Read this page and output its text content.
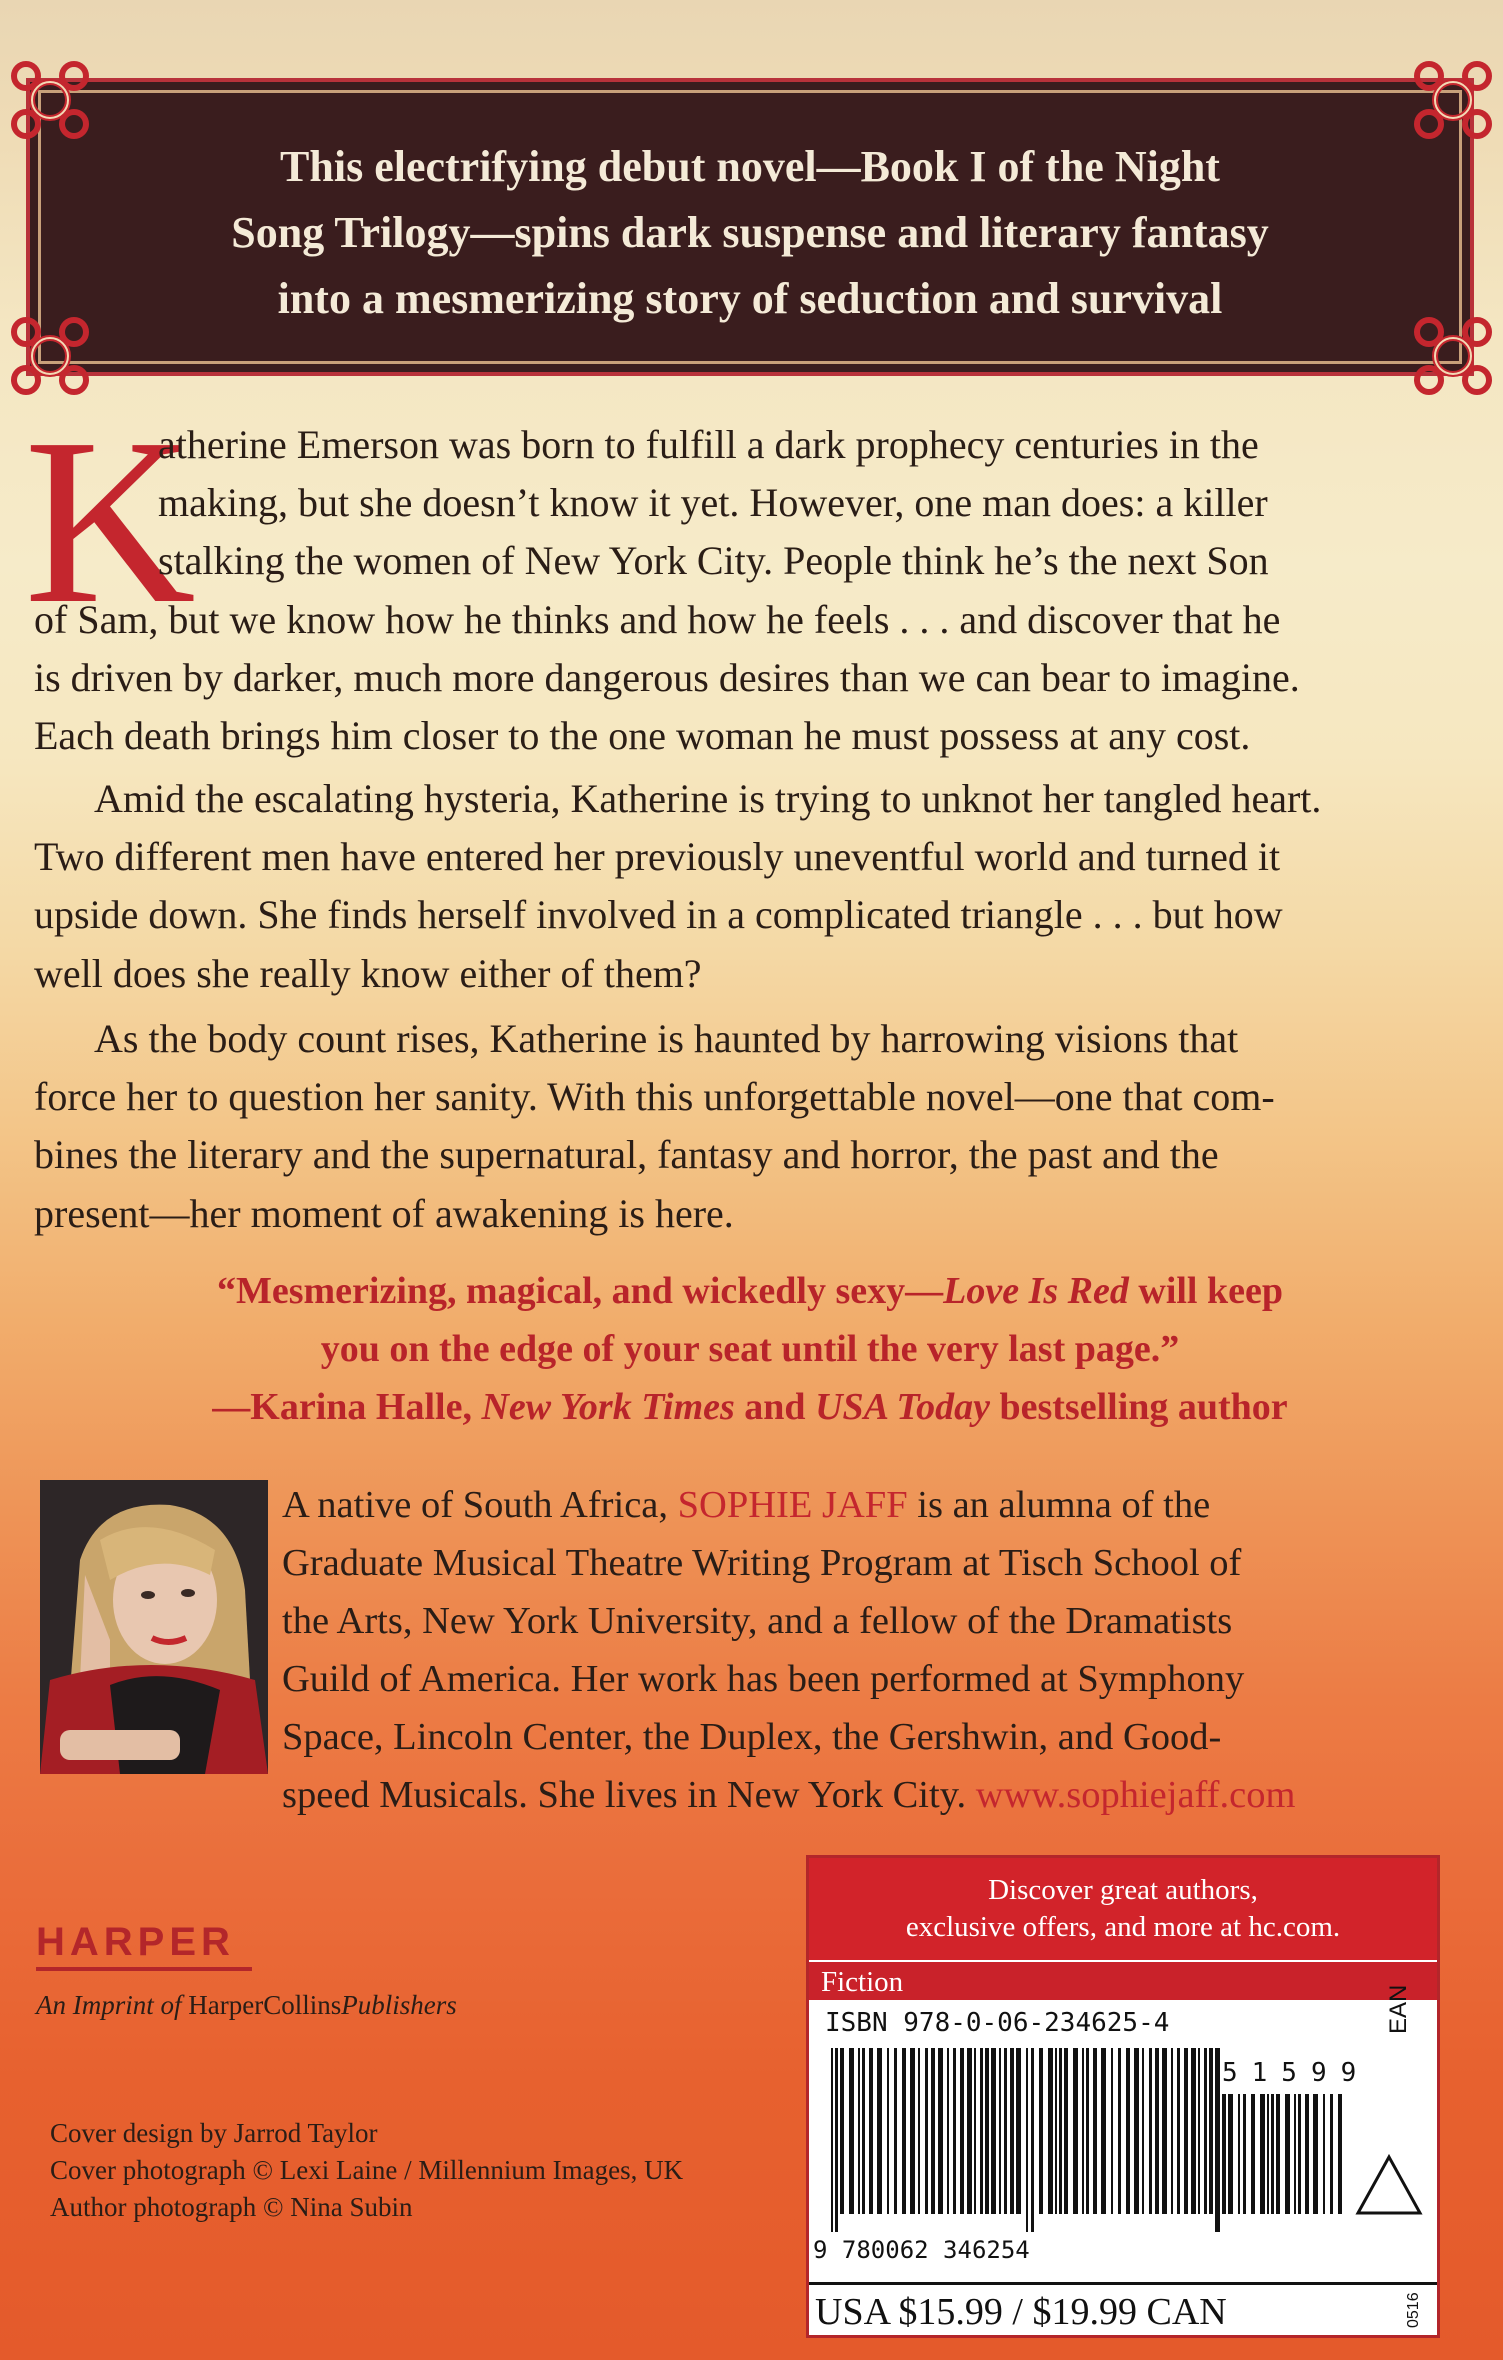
This electrifying debut novel—Book I of the Night
Song Trilogy—spins dark suspense and literary fantasy
into a mesmerizing story of seduction and survival
K
atherine Emerson was born to fulfill a dark prophecy centuries in the
making, but she doesn’t know it yet. However, one man does: a killer
stalking the women of New York City. People think he’s the next Son
of Sam, but we know how he thinks and how he feels . . . and discover that he
is driven by darker, much more dangerous desires than we can bear to imagine.
Each death brings him closer to the one woman he must possess at any cost.
Amid the escalating hysteria, Katherine is trying to unknot her tangled heart.
Two different men have entered her previously uneventful world and turned it
upside down. She finds herself involved in a complicated triangle . . . but how
well does she really know either of them?
As the body count rises, Katherine is haunted by harrowing visions that
force her to question her sanity. With this unforgettable novel—one that com-
bines the literary and the supernatural, fantasy and horror, the past and the
present—her moment of awakening is here.
“Mesmerizing, magical, and wickedly sexy—Love Is Red will keep
you on the edge of your seat until the very last page.”
—Karina Halle, New York Times and USA Today bestselling author
A native of South Africa, SOPHIE JAFF is an alumna of the
Graduate Musical Theatre Writing Program at Tisch School of
the Arts, New York University, and a fellow of the Dramatists
Guild of America. Her work has been performed at Symphony
Space, Lincoln Center, the Duplex, the Gershwin, and Good-
speed Musicals. She lives in New York City. www.sophiejaff.com
HARPER
An Imprint of HarperCollinsPublishers
Cover design by Jarrod Taylor
Cover photograph © Lexi Laine / Millennium Images, UK
Author photograph © Nina Subin
Discover great authors,
exclusive offers, and more at hc.com.
Fiction
ISBN 978-0-06-234625-4
51599
EAN
9 780062 346254
USA $15.99 / $19.99 CAN	0516
